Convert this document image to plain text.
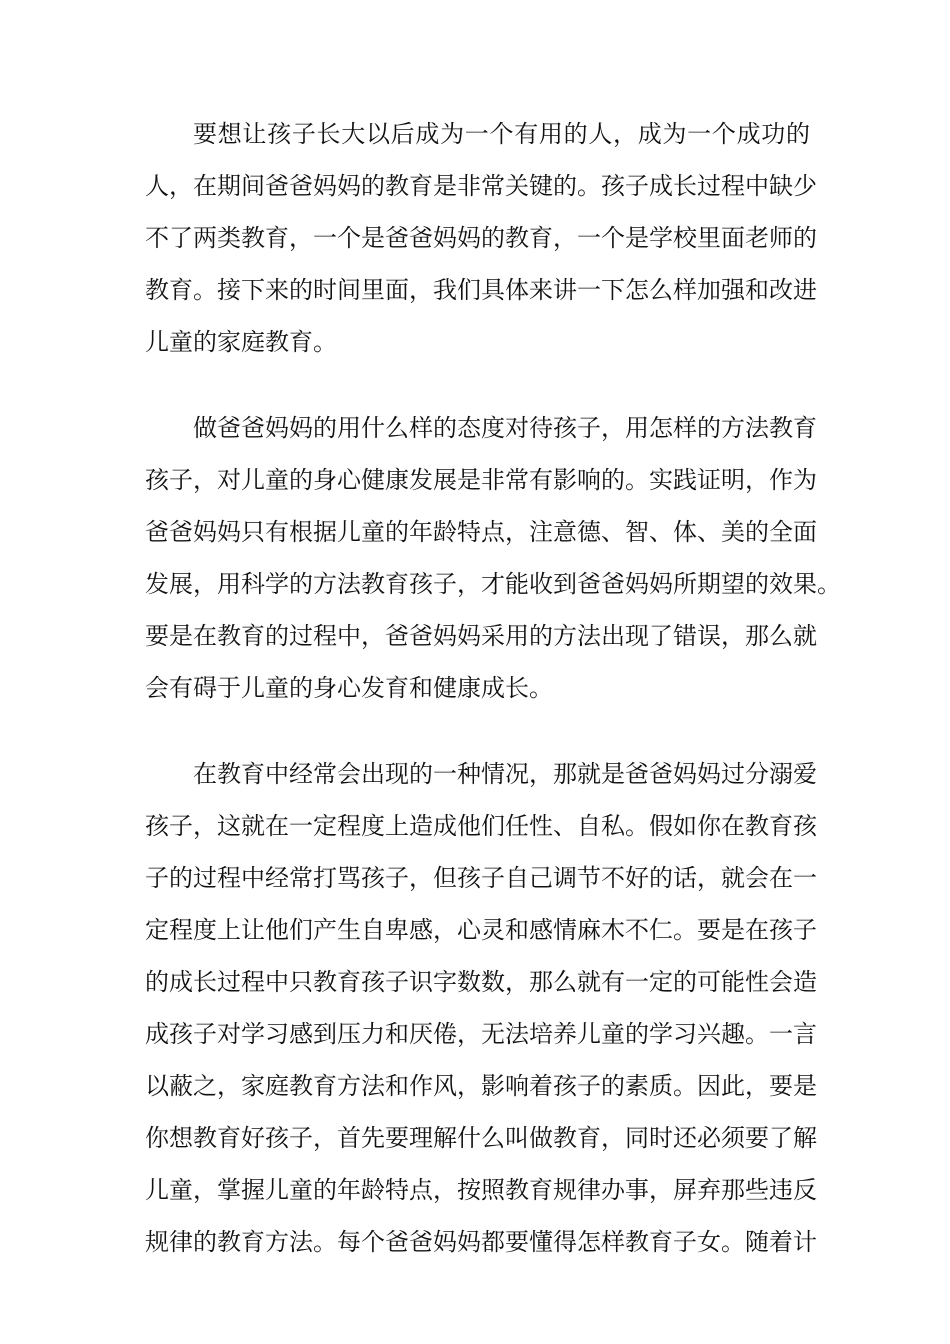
要想让孩子长大以后成为一个有用的人，成为一个成功的
人，在期间爸爸妈妈的教育是非常关键的。孩子成长过程中缺少
不了两类教育，一个是爸爸妈妈的教育，一个是学校里面老师的
教育。接下来的时间里面，我们具体来讲一下怎么样加强和改进
儿童的家庭教育。
做爸爸妈妈的用什么样的态度对待孩子，用怎样的方法教育
孩子，对儿童的身心健康发展是非常有影响的。实践证明，作为
爸爸妈妈只有根据儿童的年龄特点，注意德、智、体、美的全面
发展，用科学的方法教育孩子，才能收到爸爸妈妈所期望的效果。
要是在教育的过程中，爸爸妈妈采用的方法出现了错误，那么就
会有碍于儿童的身心发育和健康成长。
在教育中经常会出现的一种情况，那就是爸爸妈妈过分溺爱
孩子，这就在一定程度上造成他们任性、自私。假如你在教育孩
子的过程中经常打骂孩子，但孩子自己调节不好的话，就会在一
定程度上让他们产生自卑感，心灵和感情麻木不仁。要是在孩子
的成长过程中只教育孩子识字数数，那么就有一定的可能性会造
成孩子对学习感到压力和厌倦，无法培养儿童的学习兴趣。一言
以蔽之，家庭教育方法和作风，影响着孩子的素质。因此，要是
你想教育好孩子，首先要理解什么叫做教育，同时还必须要了解
儿童，掌握儿童的年龄特点，按照教育规律办事，屏弃那些违反
规律的教育方法。每个爸爸妈妈都要懂得怎样教育子女。随着计
